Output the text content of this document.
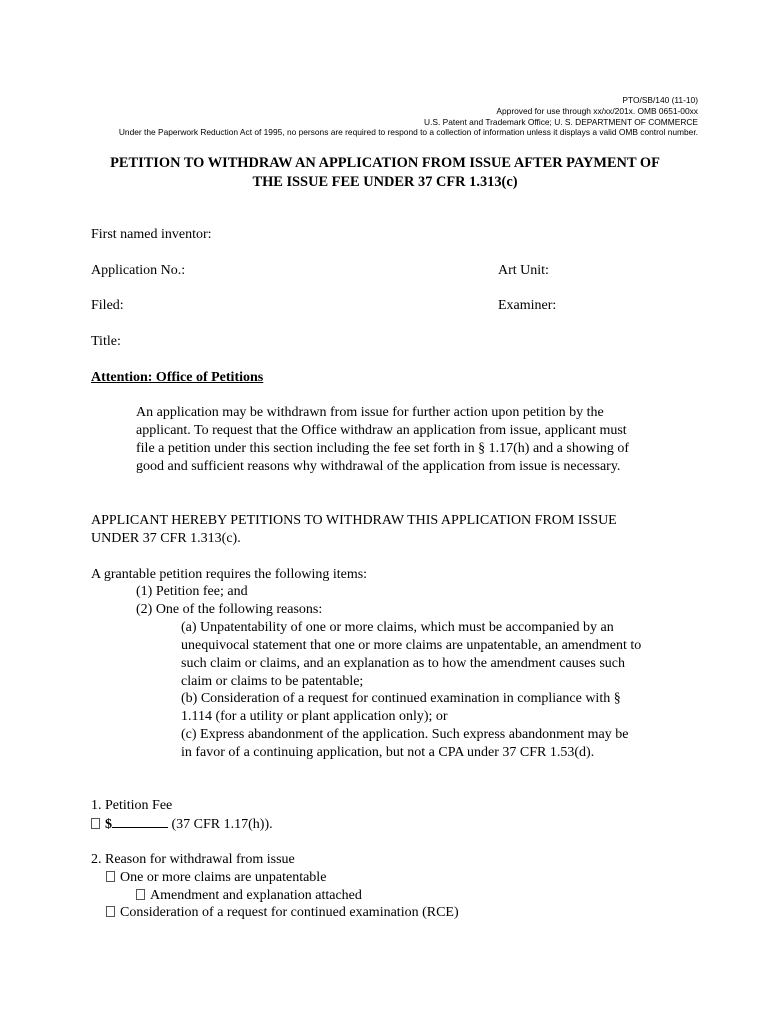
PTO/SB/140 (11-10)
Approved for use through xx/xx/201x. OMB 0651-00xx
U.S. Patent and Trademark Office; U. S. DEPARTMENT OF COMMERCE
Under the Paperwork Reduction Act of 1995, no persons are required to respond to a collection of information unless it displays a valid OMB control number.
PETITION TO WITHDRAW AN APPLICATION FROM ISSUE AFTER PAYMENT OF
THE ISSUE FEE UNDER 37 CFR 1.313(c)
First named inventor:
Application No.:	Art Unit:
Filed:	Examiner:
Title:
Attention: Office of Petitions
An application may be withdrawn from issue for further action upon petition by the
applicant. To request that the Office withdraw an application from issue, applicant must
file a petition under this section including the fee set forth in § 1.17(h) and a showing of
good and sufficient reasons why withdrawal of the application from issue is necessary.
APPLICANT HEREBY PETITIONS TO WITHDRAW THIS APPLICATION FROM ISSUE
UNDER 37 CFR 1.313(c).
A grantable petition requires the following items:
(1) Petition fee; and
(2) One of the following reasons:
(a) Unpatentability of one or more claims, which must be accompanied by an
unequivocal statement that one or more claims are unpatentable, an amendment to
such claim or claims, and an explanation as to how the amendment causes such
claim or claims to be patentable;
(b) Consideration of a request for continued examination in compliance with §
1.114 (for a utility or plant application only); or
(c) Express abandonment of the application. Such express abandonment may be
in favor of a continuing application, but not a CPA under 37 CFR 1.53(d).
1. Petition Fee
$	(37 CFR 1.17(h)).
2. Reason for withdrawal from issue
One or more claims are unpatentable
Amendment and explanation attached
Consideration of a request for continued examination (RCE)
